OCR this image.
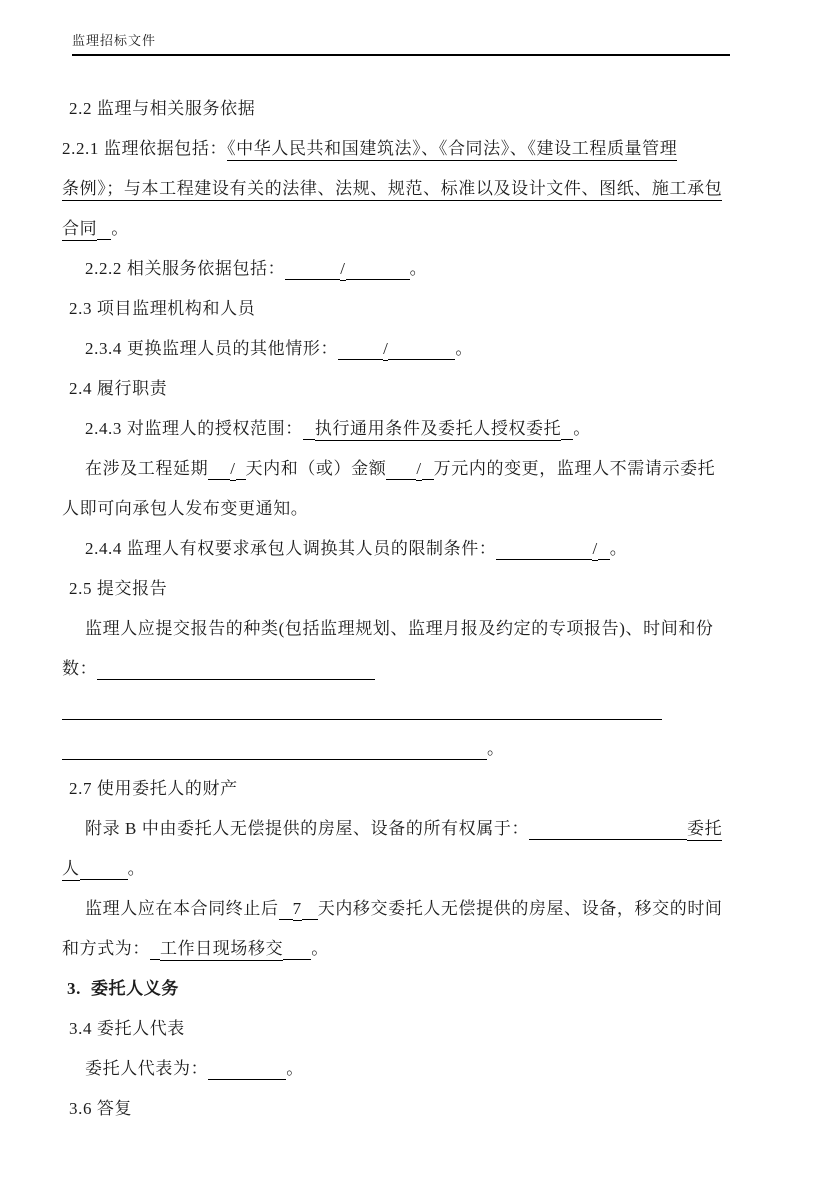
监理招标文件
2.2 监理与相关服务依据
2.2.1 监理依据包括：《中华人民共和国建筑法》、《合同法》、《建设工程质量管理
条例》；与本工程建设有关的法律、法规、规范、标准以及设计文件、图纸、施工承包
合同 。
2.2.2 相关服务依据包括：	/	。
2.3 项目监理机构和人员
2.3.4 更换监理人员的其他情形：	/	。
2.4 履行职责
2.4.3 对监理人的授权范围： 执行通用条件及委托人授权委托 。
在涉及工程延期 / 天内和（或）金额 / 万元内的变更，监理人不需请示委托
人即可向承包人发布变更通知。
2.4.4 监理人有权要求承包人调换其人员的限制条件：	/ 。
2.5 提交报告
监理人应提交报告的种类(包括监理规划、监理月报及约定的专项报告)、时间和份
数：
。
2.7 使用委托人的财产
附录 B 中由委托人无偿提供的房屋、设备的所有权属于：	委托
人	。
监理人应在本合同终止后 7 天内移交委托人无偿提供的房屋、设备，移交的时间
和方式为： 工作日现场移交 。
3. 委托人义务
3.4 委托人代表
委托人代表为：	。
3.6 答复
